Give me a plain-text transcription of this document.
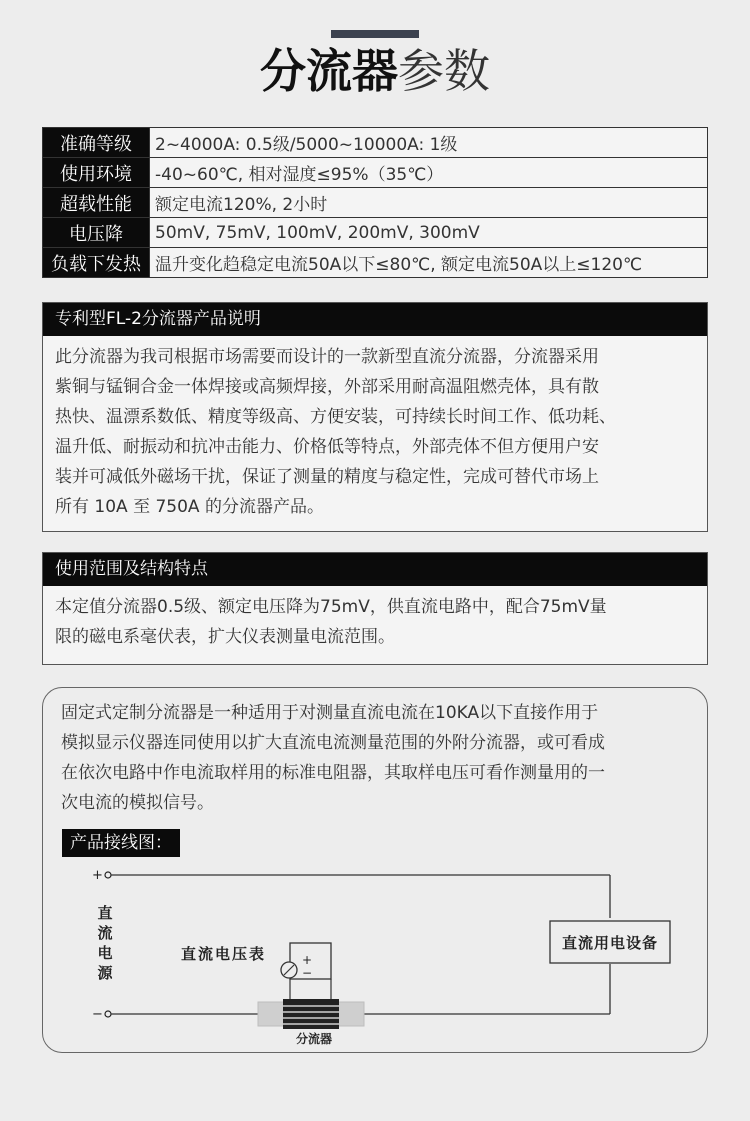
分流器参数
准确等级	2~4000A: 0.5级/5000~10000A: 1级
使用环境	-40~60℃, 相对湿度≤95%（35℃）
超载性能	额定电流120%, 2小时
电压降	50mV, 75mV, 100mV, 200mV, 300mV
负载下发热	温升变化趋稳定电流50A以下≤80℃, 额定电流50A以上≤120℃
专利型FL-2分流器产品说明
此分流器为我司根据市场需要而设计的一款新型直流分流器，分流器采用
紫铜与锰铜合金一体焊接或高频焊接，外部采用耐高温阻燃壳体，具有散
热快、温漂系数低、精度等级高、方便安装，可持续长时间工作、低功耗、
温升低、耐振动和抗冲击能力、价格低等特点，外部壳体不但方便用户安
装并可减低外磁场干扰，保证了测量的精度与稳定性，完成可替代市场上
所有 10A 至 750A 的分流器产品。
使用范围及结构特点
本定值分流器0.5级、额定电压降为75mV，供直流电路中，配合75mV量
限的磁电系毫伏表，扩大仪表测量电流范围。
固定式定制分流器是一种适用于对测量直流电流在10KA以下直接作用于
模拟显示仪器连同使用以扩大直流电流测量范围的外附分流器，或可看成
在依次电路中作电流取样用的标准电阻器，其取样电压可看作测量用的一
次电流的模拟信号。
产品接线图：
+
−
直
流
电
源
直流电压表	+
−
分流器
直流用电设备
